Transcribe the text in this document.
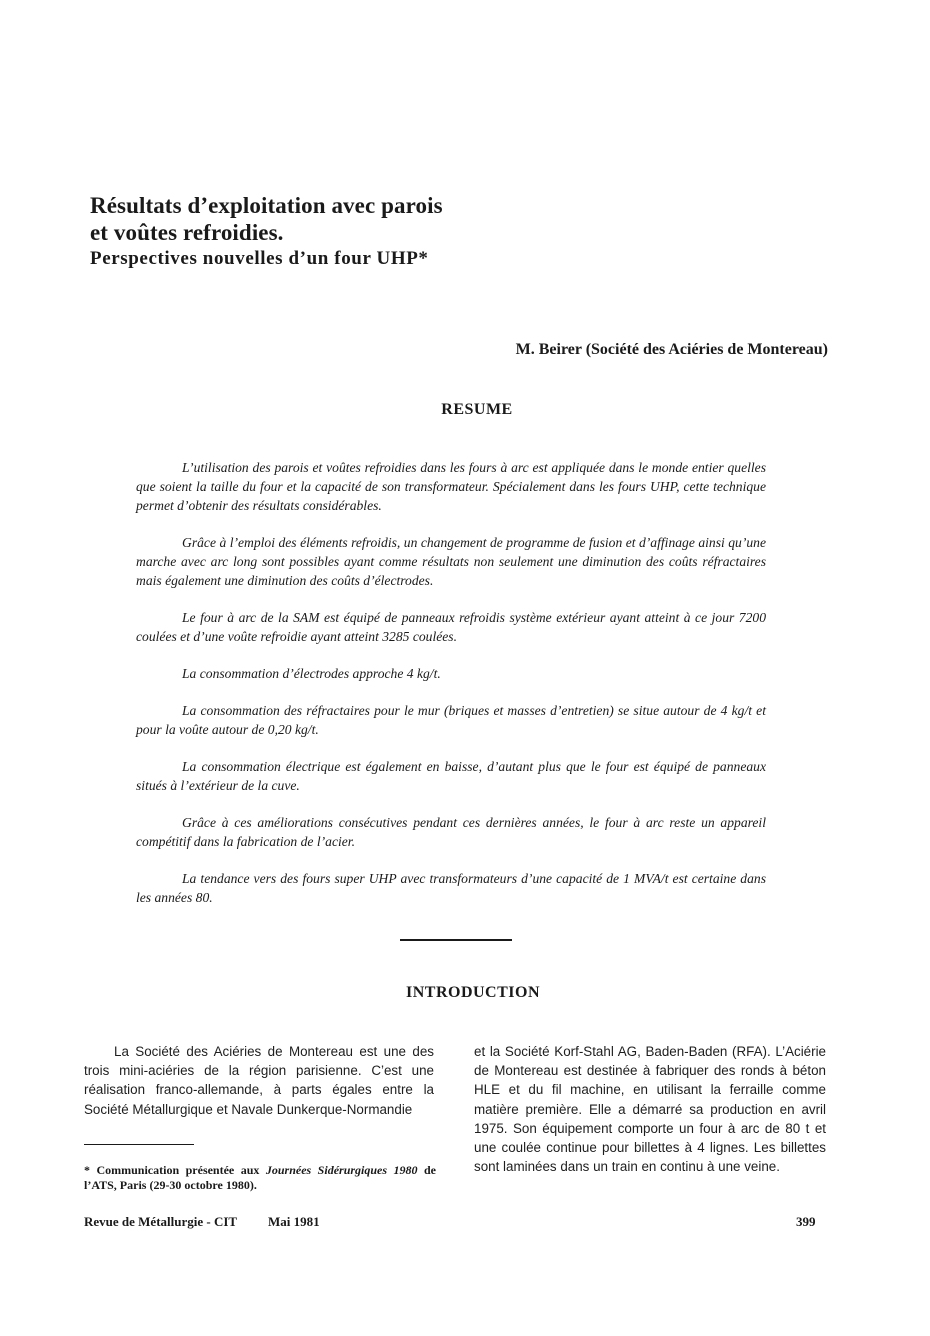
Résultats d’exploitation avec parois
et voûtes refroidies.
Perspectives nouvelles d’un four UHP*
M. Beirer (Société des Aciéries de Montereau)
RESUME

L’utilisation des parois et voûtes refroidies dans les fours à arc est appliquée dans le monde entier quelles que soient la taille du four et la capacité de son transformateur. Spécialement dans les fours UHP, cette technique permet d’obtenir des résultats considérables.

Grâce à l’emploi des éléments refroidis, un changement de programme de fusion et d’affinage ainsi qu’une marche avec arc long sont possibles ayant comme résultats non seulement une diminution des coûts réfractaires mais également une diminution des coûts d’électrodes.

Le four à arc de la SAM est équipé de panneaux refroidis système extérieur ayant atteint à ce jour 7200 coulées et d’une voûte refroidie ayant atteint 3285 coulées.

La consommation d’électrodes approche 4 kg/t.

La consommation des réfractaires pour le mur (briques et masses d’entretien) se situe autour de 4 kg/t et pour la voûte autour de 0,20 kg/t.

La consommation électrique est également en baisse, d’autant plus que le four est équipé de panneaux situés à l’extérieur de la cuve.

Grâce à ces améliorations consécutives pendant ces dernières années, le four à arc reste un appareil compétitif dans la fabrication de l’acier.

La tendance vers des fours super UHP avec transformateurs d’une capacité de 1 MVA/t est certaine dans les années 80.

INTRODUCTION
La Société des Aciéries de Montereau est une des trois mini-aciéries de la région parisienne. C’est une réalisation franco-allemande, à parts égales entre la Société Métallurgique et Navale Dunkerque-Normandie
et la Société Korf-Stahl AG, Baden-Baden (RFA). L’Aciérie de Montereau est destinée à fabriquer des ronds à béton HLE et du fil machine, en utilisant la ferraille comme matière première. Elle a démarré sa production en avril 1975. Son équipement comporte un four à arc de 80 t et une coulée continue pour billettes à 4 lignes. Les billettes sont laminées dans un train en continu à une veine.
* Communication présentée aux Journées Sidérurgiques 1980 de l’ATS, Paris (29-30 octobre 1980).
Revue de Métallurgie - CIT Mai 1981	399
